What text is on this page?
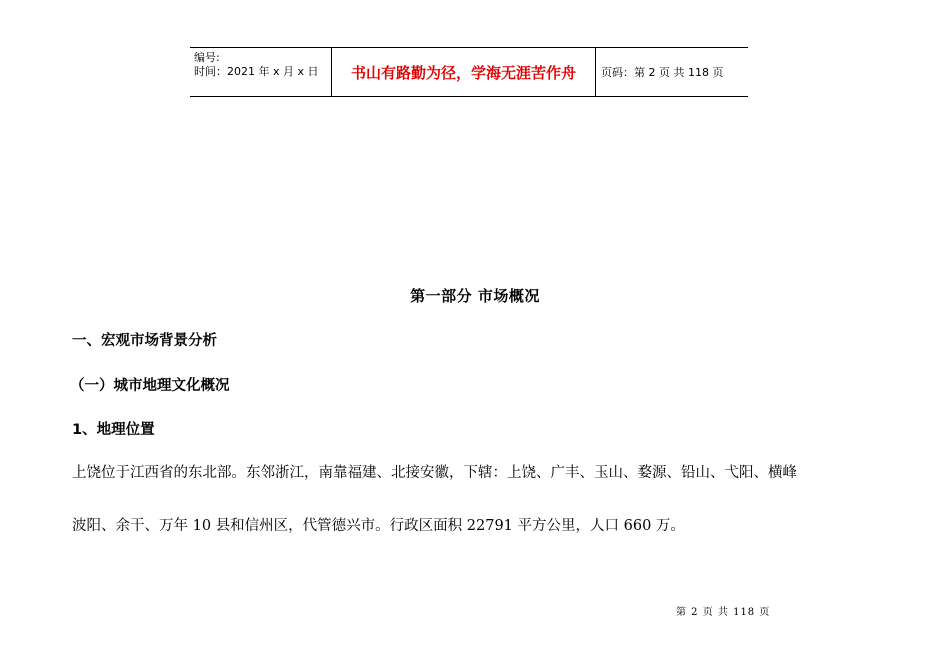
编号:
时间：2021 年 x 月 x 日	书山有路勤为径，学海无涯苦作舟	页码：第 2 页 共 118 页
第一部分 市场概况
一、宏观市场背景分析
（一）城市地理文化概况
1、地理位置
上饶位于江西省的东北部。东邻浙江，南靠福建、北接安徽，下辖：上饶、广丰、玉山、婺源、铅山、弋阳、横峰
波阳、余干、万年 10 县和信州区，代管德兴市。行政区面积 22791 平方公里，人口 660 万。
第 2 页 共 118 页
